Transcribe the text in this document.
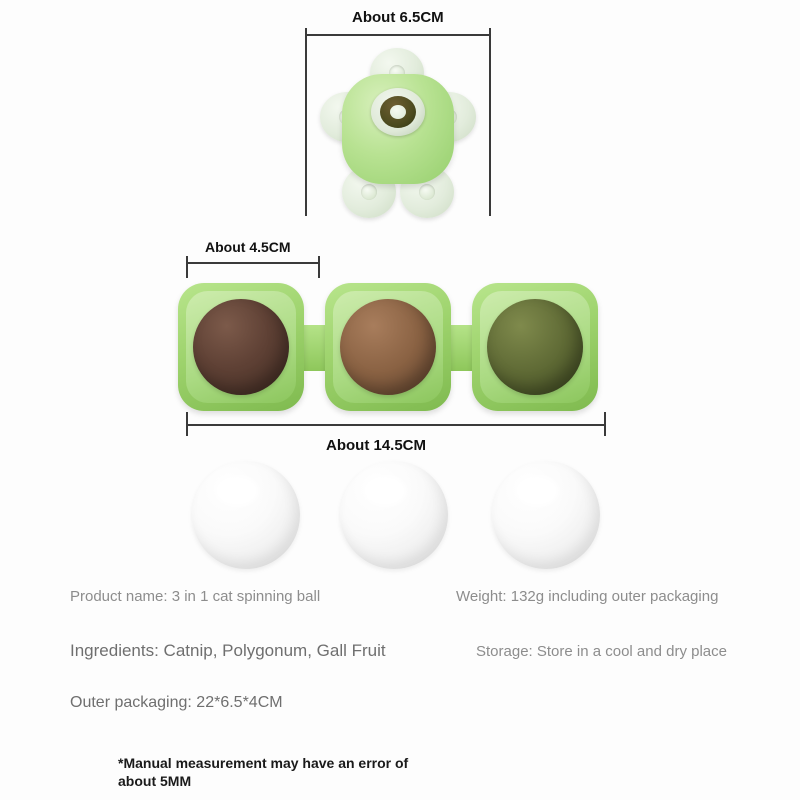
About 6.5CM
About 4.5CM
About 14.5CM
Product name: 3 in 1 cat spinning ball	Weight: 132g including outer packaging
Ingredients: Catnip, Polygonum, Gall Fruit	Storage: Store in a cool and dry place
Outer packaging: 22*6.5*4CM
*Manual measurement may have an error of about 5MM
